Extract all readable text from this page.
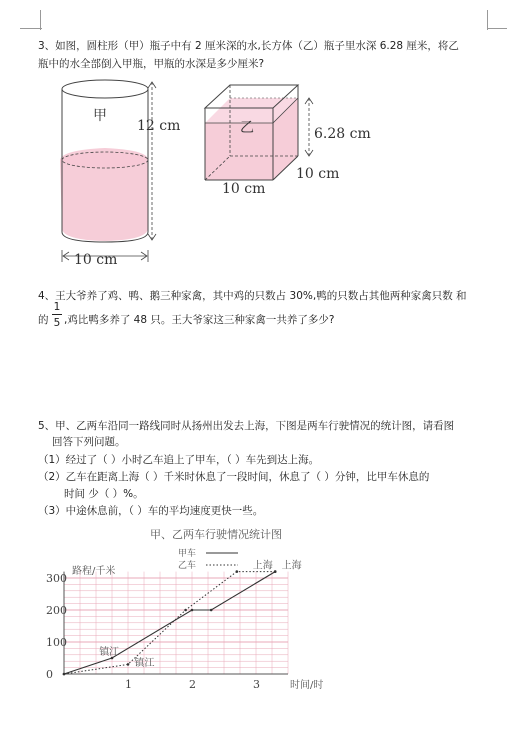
3、如图，圆柱形（甲）瓶子中有 2 厘米深的水,长方体（乙）瓶子里水深 6.28 厘米，将乙
瓶中的水全部倒入甲瓶，甲瓶的水深是多少厘米?
甲
12 cm
10 cm
乙	6.28 cm
10 cm
10 cm
4、王大爷养了鸡、鸭、鹅三种家禽，其中鸡的只数占 30%,鸭的只数占其他两种家禽只数 和
的
1
5 ,鸡比鸭多养了 48 只。王大爷家这三种家禽一共养了多少?
5、甲、乙两车沿同一路线同时从扬州出发去上海，下图是两车行驶情况的统计图，请看图
回答下列问题。
（1）经过了（ ）小时乙车追上了甲车，（ ）车先到达上海。
（2）乙车在距离上海（ ）千米时休息了一段时间，休息了（ ）分钟，比甲车休息的
时间 少（ ）%。
（3）中途休息前，（ ）车的平均速度更快一些。
甲、乙两车行驶情况统计图
路程/千米
时间/时
甲车
乙车
0
100
200
300
1	2	3
镇江
镇江
上海 上海
